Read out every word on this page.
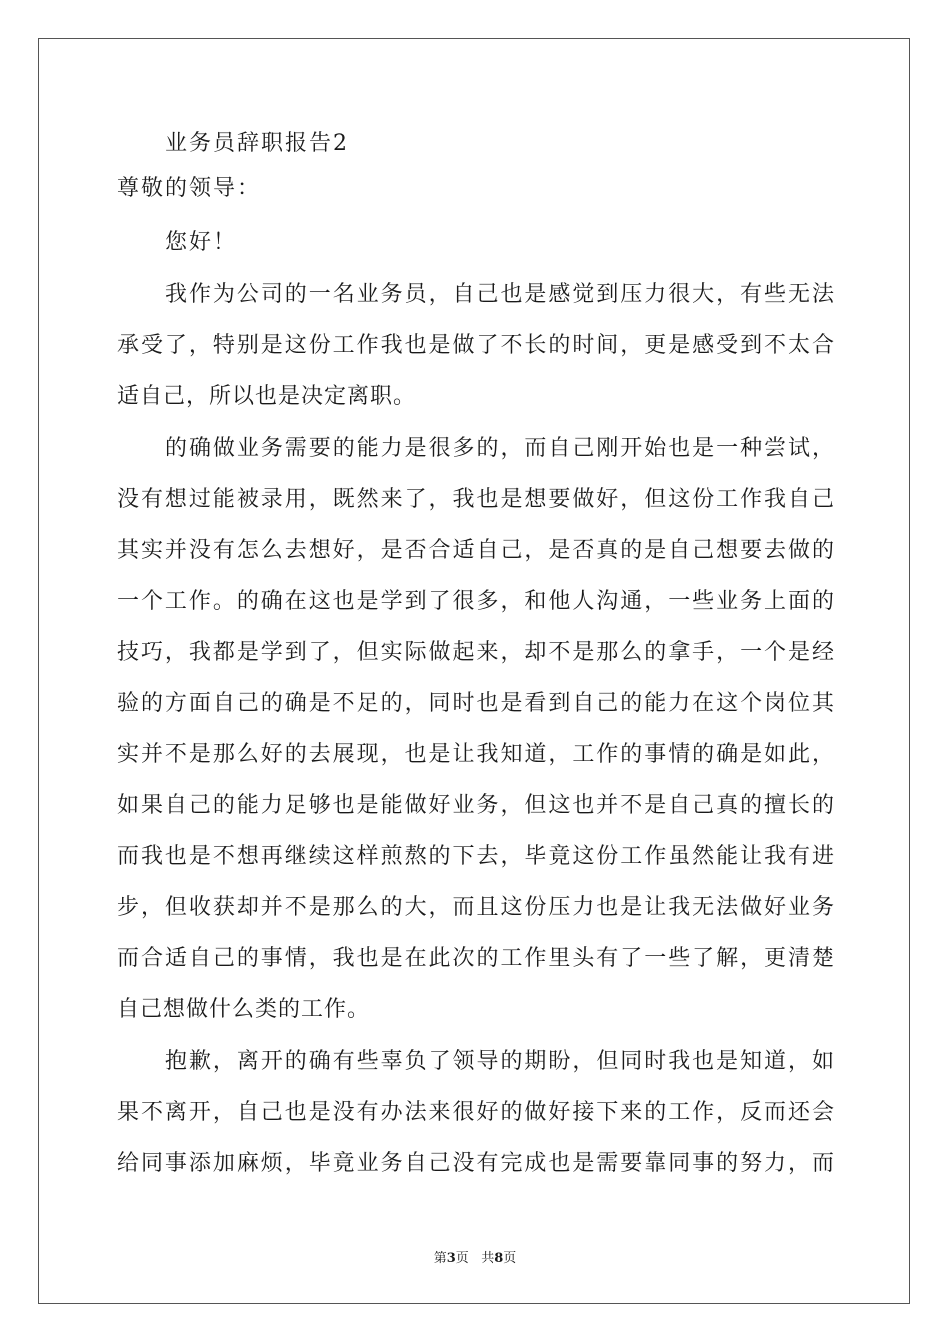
业务员辞职报告2
尊敬的领导：
您好！
我作为公司的一名业务员，自己也是感觉到压力很大，有些无法
承受了，特别是这份工作我也是做了不长的时间，更是感受到不太合
适自己，所以也是决定离职。
的确做业务需要的能力是很多的，而自己刚开始也是一种尝试，
没有想过能被录用，既然来了，我也是想要做好，但这份工作我自己
其实并没有怎么去想好，是否合适自己，是否真的是自己想要去做的
一个工作。的确在这也是学到了很多，和他人沟通，一些业务上面的
技巧，我都是学到了，但实际做起来，却不是那么的拿手，一个是经
验的方面自己的确是不足的，同时也是看到自己的能力在这个岗位其
实并不是那么好的去展现，也是让我知道，工作的事情的确是如此，
如果自己的能力足够也是能做好业务，但这也并不是自己真的擅长的
而我也是不想再继续这样煎熬的下去，毕竟这份工作虽然能让我有进
步，但收获却并不是那么的大，而且这份压力也是让我无法做好业务
而合适自己的事情，我也是在此次的工作里头有了一些了解，更清楚
自己想做什么类的工作。
抱歉，离开的确有些辜负了领导的期盼，但同时我也是知道，如
果不离开，自己也是没有办法来很好的做好接下来的工作，反而还会
给同事添加麻烦，毕竟业务自己没有完成也是需要靠同事的努力，而
第3页 共8页
